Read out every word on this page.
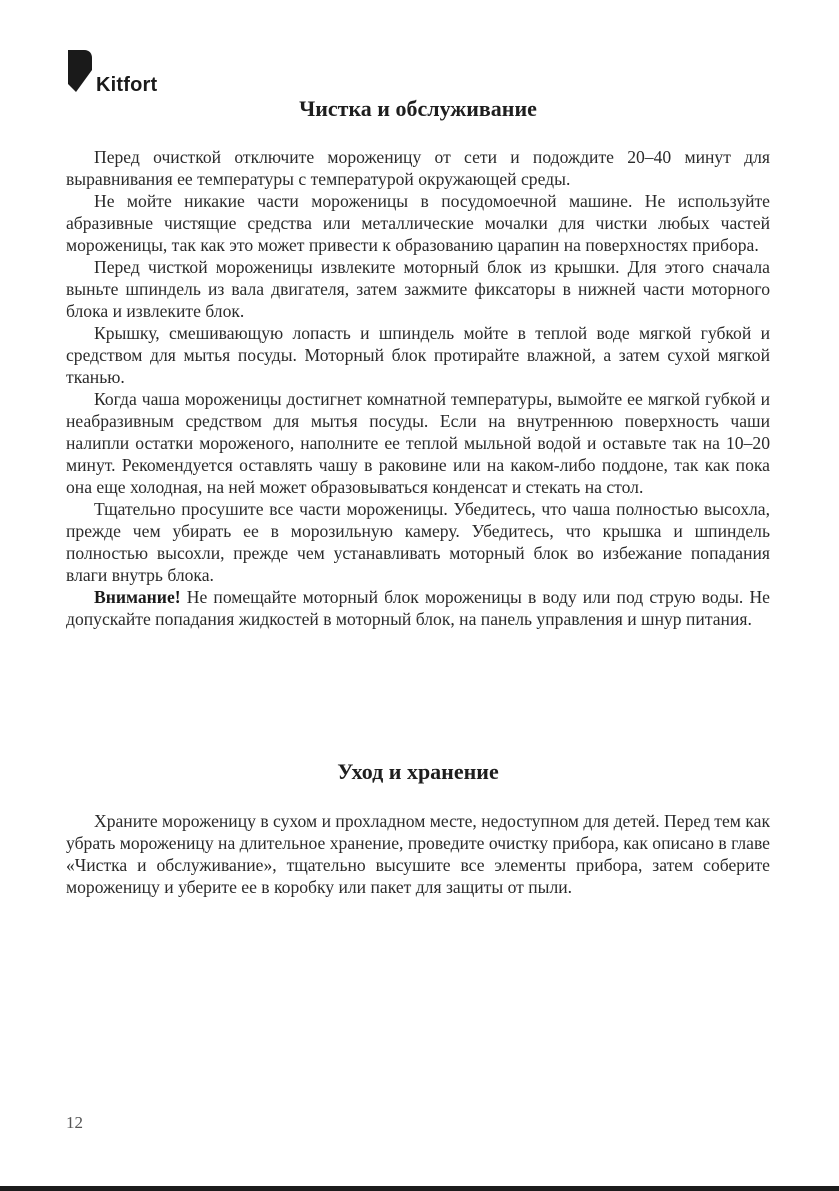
Kitfort
Чистка и обслуживание

Перед очисткой отключите мороженицу от сети и подождите 20–40 минут для выравнивания ее температуры с температурой окружающей среды.

Не мойте никакие части мороженицы в посудомоечной машине. Не используйте абразивные чистящие средства или металлические мочалки для чистки любых частей мороженицы, так как это может привести к образованию царапин на поверхностях прибора.

Перед чисткой мороженицы извлеките моторный блок из крышки. Для этого сначала выньте шпиндель из вала двигателя, затем зажмите фиксаторы в нижней части моторного блока и извлеките блок.

Крышку, смешивающую лопасть и шпиндель мойте в теплой воде мягкой губкой и средством для мытья посуды. Моторный блок протирайте влажной, а затем сухой мягкой тканью.

Когда чаша мороженицы достигнет комнатной температуры, вымойте ее мягкой губкой и неабразивным средством для мытья посуды. Если на внутреннюю поверхность чаши налипли остатки мороженого, наполните ее теплой мыльной водой и оставьте так на 10–20 минут. Рекомендуется оставлять чашу в раковине или на каком-либо поддоне, так как пока она еще холодная, на ней может образовываться конденсат и стекать на стол.

Тщательно просушите все части мороженицы. Убедитесь, что чаша полностью высохла, прежде чем убирать ее в морозильную камеру. Убедитесь, что крышка и шпиндель полностью высохли, прежде чем устанавливать моторный блок во избежание попадания влаги внутрь блока.

Внимание! Не помещайте моторный блок мороженицы в воду или под струю воды. Не допускайте попадания жидкостей в моторный блок, на панель управления и шнур питания.

Уход и хранение

Храните мороженицу в сухом и прохладном месте, недоступном для детей. Перед тем как убрать мороженицу на длительное хранение, проведите очистку прибора, как описано в главе «Чистка и обслуживание», тщательно высушите все элементы прибора, затем соберите мороженицу и уберите ее в коробку или пакет для защиты от пыли.

12
